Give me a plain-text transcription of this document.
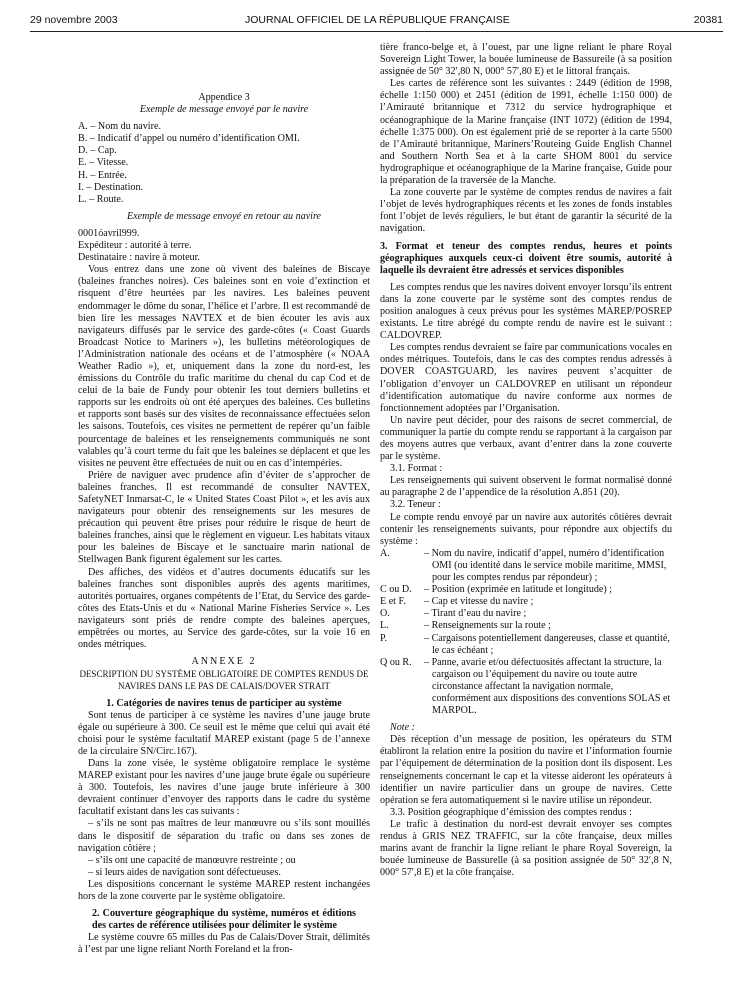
29 novembre 2003	JOURNAL OFFICIEL DE LA RÉPUBLIQUE FRANÇAISE	20381

Appendice 3

Exemple de message envoyé par le navire

A. – Nom du navire.
B. – Indicatif d’appel ou numéro d’identification OMI.
D. – Cap.
E. – Vitesse.
H. – Entrée.
I. – Destination.
L. – Route.

Exemple de message envoyé en retour au navire

0001óavril999.

Expéditeur : autorité à terre.

Destinataire : navire à moteur.

Vous entrez dans une zone où vivent des baleines de Biscaye (baleines franches noires). Ces baleines sont en voie d’extinction et risquent d’être heurtées par les navires. Les baleines peuvent endommager le dôme du sonar, l’hélice et l’arbre. Il est recommandé de bien lire les messages NAVTEX et de bien écouter les avis aux navigateurs diffusés par le service des garde-côtes (« Coast Guards Broadcast Notice to Mariners »), les bulletins météorologiques de l’Administration nationale des océans et de l’atmosphère (« NOAA Weather Radio »), et, uniquement dans la zone du nord-est, les émissions du Contrôle du trafic maritime du chenal du cap Cod et de celui de la baie de Fundy pour obtenir les tout derniers bulletins et rapports sur les endroits où ont été aperçues des baleines. Ces bulletins et rapports sont basés sur des visites de reconnaissance effectuées selon les saisons. Toutefois, ces visites ne permettent de repérer qu’un faible pourcentage de baleines et les renseignements communiqués ne sont valables qu’à court terme du fait que les baleines se déplacent et que les visites ne peuvent être effectuées de nuit ou en cas d’intempéries.

Prière de naviguer avec prudence afin d’éviter de s’approcher de baleines franches. Il est recommandé de consulter NAVTEX, SafetyNET Inmarsat-C, le « United States Coast Pilot », et les avis aux navigateurs pour obtenir des renseignements sur les mesures de précaution qui peuvent être prises pour réduire le risque de heurt de baleines franches, ainsi que le règlement en vigueur. Les habitats vitaux pour les baleines de Biscaye et le sanctuaire marin national de Stellwagen Bank figurent également sur les cartes.

Des affiches, des vidéos et d’autres documents éducatifs sur les baleines franches sont disponibles auprès des agents maritimes, autorités portuaires, organes compétents de l’Etat, du Service des garde-côtes des Etats-Unis et du « National Marine Fisheries Service ». Les navigateurs sont priés de rendre compte des baleines aperçues, empêtrées ou mortes, au Service des garde-côtes, sur la voie 16 en ondes métriques.

ANNEXE 2

DESCRIPTION DU SYSTÈME OBLIGATOIRE DE COMPTES RENDUS DE NAVIRES DANS LE PAS DE CALAIS/DOVER STRAIT

1. Catégories de navires tenus de participer au système

Sont tenus de participer à ce système les navires d’une jauge brute égale ou supérieure à 300. Ce seuil est le même que celui qui avait été choisi pour le système facultatif MAREP existant (page 5 de l’annexe de la circulaire SN/Circ.167).

Dans la zone visée, le système obligatoire remplace le système MAREP existant pour les navires d’une jauge brute égale ou supérieure à 300. Toutefois, les navires d’une jauge brute inférieure à 300 devraient continuer d’envoyer des rapports dans le cadre du système facultatif existant dans les cas suivants :

– s’ils ne sont pas maîtres de leur manœuvre ou s’ils sont mouillés dans le dispositif de séparation du trafic ou dans ses zones de navigation côtière ;

– s’ils ont une capacité de manœuvre restreinte ; ou

– si leurs aides de navigation sont défectueuses.

Les dispositions concernant le système MAREP restent inchangées hors de la zone couverte par le système obligatoire.

2. Couverture géographique du système, numéros et éditions des cartes de référence utilisées pour délimiter le système

Le système couvre 65 milles du Pas de Calais/Dover Strait, délimités à l’est par une ligne reliant North Foreland et la fron-

tière franco-belge et, à l’ouest, par une ligne reliant le phare Royal Sovereign Light Tower, la bouée lumineuse de Bassureile (à sa position assignée de 50° 32′,80 N, 000° 57′,80 E) et le littoral français.

Les cartes de référence sont les suivantes : 2449 (édition de 1998, échelle 1:150 000) et 2451 (édition de 1991, échelle 1:150 000) de l’Amirauté britannique et 7312 du service hydrographique et océanographique de la Marine française (INT 1072) (édition de 1994, échelle 1:375 000). On est également prié de se reporter à la carte 5500 de l’Amirauté britannique, Mariners’Routeing Guide English Channel and Southern North Sea et à la carte SHOM 8001 du service hydrographique et océanographique de la Marine française, Guide pour la préparation de la traversée de la Manche.

La zone couverte par le système de comptes rendus de navires a fait l’objet de levés hydrographiques récents et les zones de fonds instables font l’objet de levés réguliers, le but étant de garantir la sécurité de la navigation.

3. Format et teneur des comptes rendus, heures et points géographiques auxquels ceux-ci doivent être soumis, autorité à laquelle ils devraient être adressés et services disponibles

Les comptes rendus que les navires doivent envoyer lorsqu’ils entrent dans la zone couverte par le système sont des comptes rendus de position analogues à ceux prévus pour les systèmes MAREP/POSREP existants. Le titre abrégé du compte rendu de navire est le suivant : CALDOVREP.

Les comptes rendus devraient se faire par communications vocales en ondes métriques. Toutefois, dans le cas des comptes rendus adressés à DOVER COASTGUARD, les navires peuvent s’acquitter de l’obligation d’envoyer un CALDOVREP en utilisant un répondeur d’identification automatique du navire conforme aux normes de fonctionnement adoptées par l’Organisation.

Un navire peut décider, pour des raisons de secret commercial, de communiquer la partie du compte rendu se rapportant à la cargaison par des moyens autres que verbaux, avant d’entrer dans la zone couverte par le système.

3.1. Format :

Les renseignements qui suivent observent le format normalisé donné au paragraphe 2 de l’appendice de la résolution A.851 (20).

3.2. Teneur :

Le compte rendu envoyé par un navire aux autorités côtières devrait contenir les renseignements suivants, pour répondre aux objectifs du système :

A.	– Nom du navire, indicatif d’appel, numéro d’identification OMI (ou identité dans le service mobile maritime, MMSI, pour les comptes rendus par répondeur) ;
C ou D.	– Position (exprimée en latitude et longitude) ;
E et F.	– Cap et vitesse du navire ;
O.	– Tirant d’eau du navire ;
L.	– Renseignements sur la route ;
P.	– Cargaisons potentiellement dangereuses, classe et quantité, le cas échéant ;
Q ou R.	– Panne, avarie et/ou défectuosités affectant la structure, la cargaison ou l’équipement du navire ou toute autre circonstance affectant la navigation normale, conformément aux dispositions des conventions SOLAS et MARPOL.

Note :

Dès réception d’un message de position, les opérateurs du STM établiront la relation entre la position du navire et l’information fournie par l’équipement de détermination de la position dont ils disposent. Les renseignements concernant le cap et la vitesse aideront les opérateurs à identifier un navire particulier dans un groupe de navires. Cette opération se fera automatiquement si le navire utilise un répondeur.

3.3. Position géographique d’émission des comptes rendus :

Le trafic à destination du nord-est devrait envoyer ses comptes rendus à GRIS NEZ TRAFFIC, sur la côte française, deux milles marins avant de franchir la ligne reliant le phare Royal Sovereign, la bouée lumineuse de Bassurelle (à sa position assignée de 50° 32′,8 N, 000° 57′,8 E) et la côte française.
